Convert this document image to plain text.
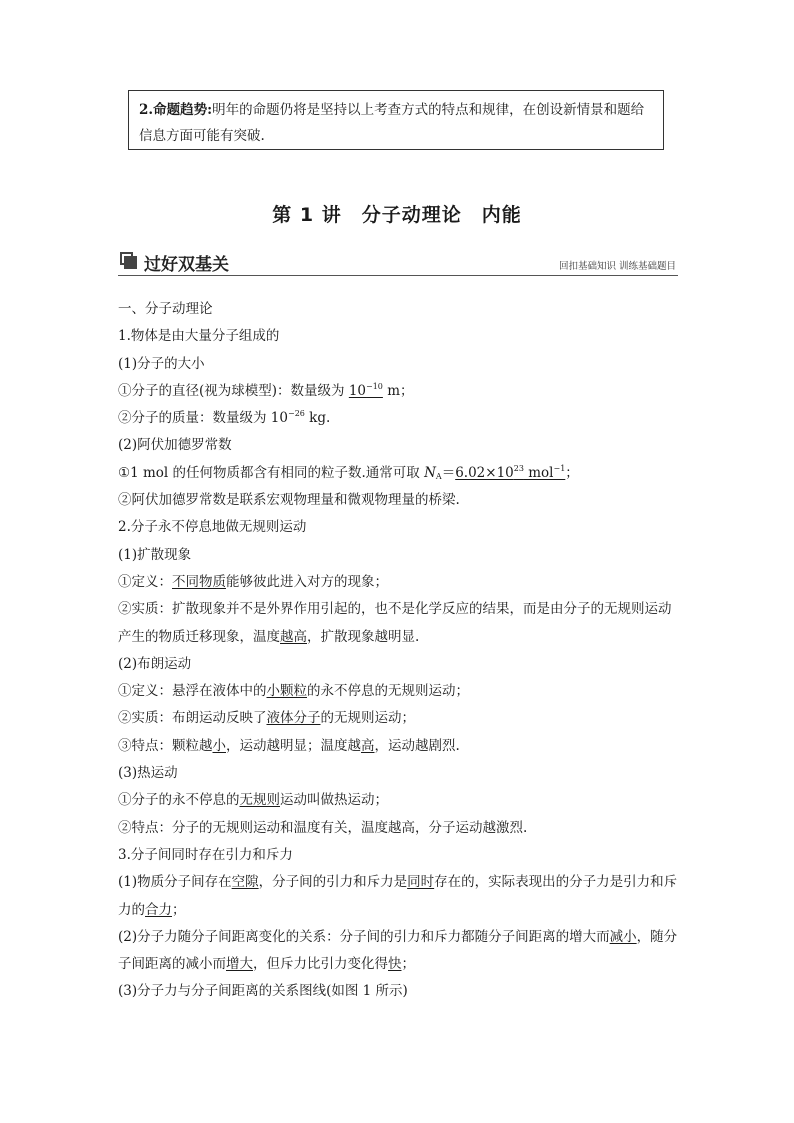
2.命题趋势:明年的命题仍将是坚持以上考查方式的特点和规律，在创设新情景和题给信息方面可能有突破.
第 1 讲　分子动理论　内能
过好双基关	回扣基础知识 训练基础题目
一、分子动理论
1.物体是由大量分子组成的
(1)分子的大小
①分子的直径(视为球模型)：数量级为 $10^{-10}$ m；
②分子的质量：数量级为 $10^{-26}$ kg.
(2)阿伏加德罗常数
①1 mol 的任何物质都含有相同的粒子数.通常可取 $N_A=6.02\times 10^{23}$ mol$^{-1}$；
②阿伏加德罗常数是联系宏观物理量和微观物理量的桥梁.
2.分子永不停息地做无规则运动
(1)扩散现象
①定义：不同物质能够彼此进入对方的现象；
②实质：扩散现象并不是外界作用引起的，也不是化学反应的结果，而是由分子的无规则运动产生的物质迁移现象，温度越高，扩散现象越明显.
(2)布朗运动
①定义：悬浮在液体中的小颗粒的永不停息的无规则运动；
②实质：布朗运动反映了液体分子的无规则运动；
③特点：颗粒越小，运动越明显；温度越高，运动越剧烈.
(3)热运动
①分子的永不停息的无规则运动叫做热运动；
②特点：分子的无规则运动和温度有关，温度越高，分子运动越激烈.
3.分子间同时存在引力和斥力
(1)物质分子间存在空隙，分子间的引力和斥力是同时存在的，实际表现出的分子力是引力和斥力的合力；
(2)分子力随分子间距离变化的关系：分子间的引力和斥力都随分子间距离的增大而减小，随分子间距离的减小而增大，但斥力比引力变化得快；
(3)分子力与分子间距离的关系图线(如图 1 所示)
